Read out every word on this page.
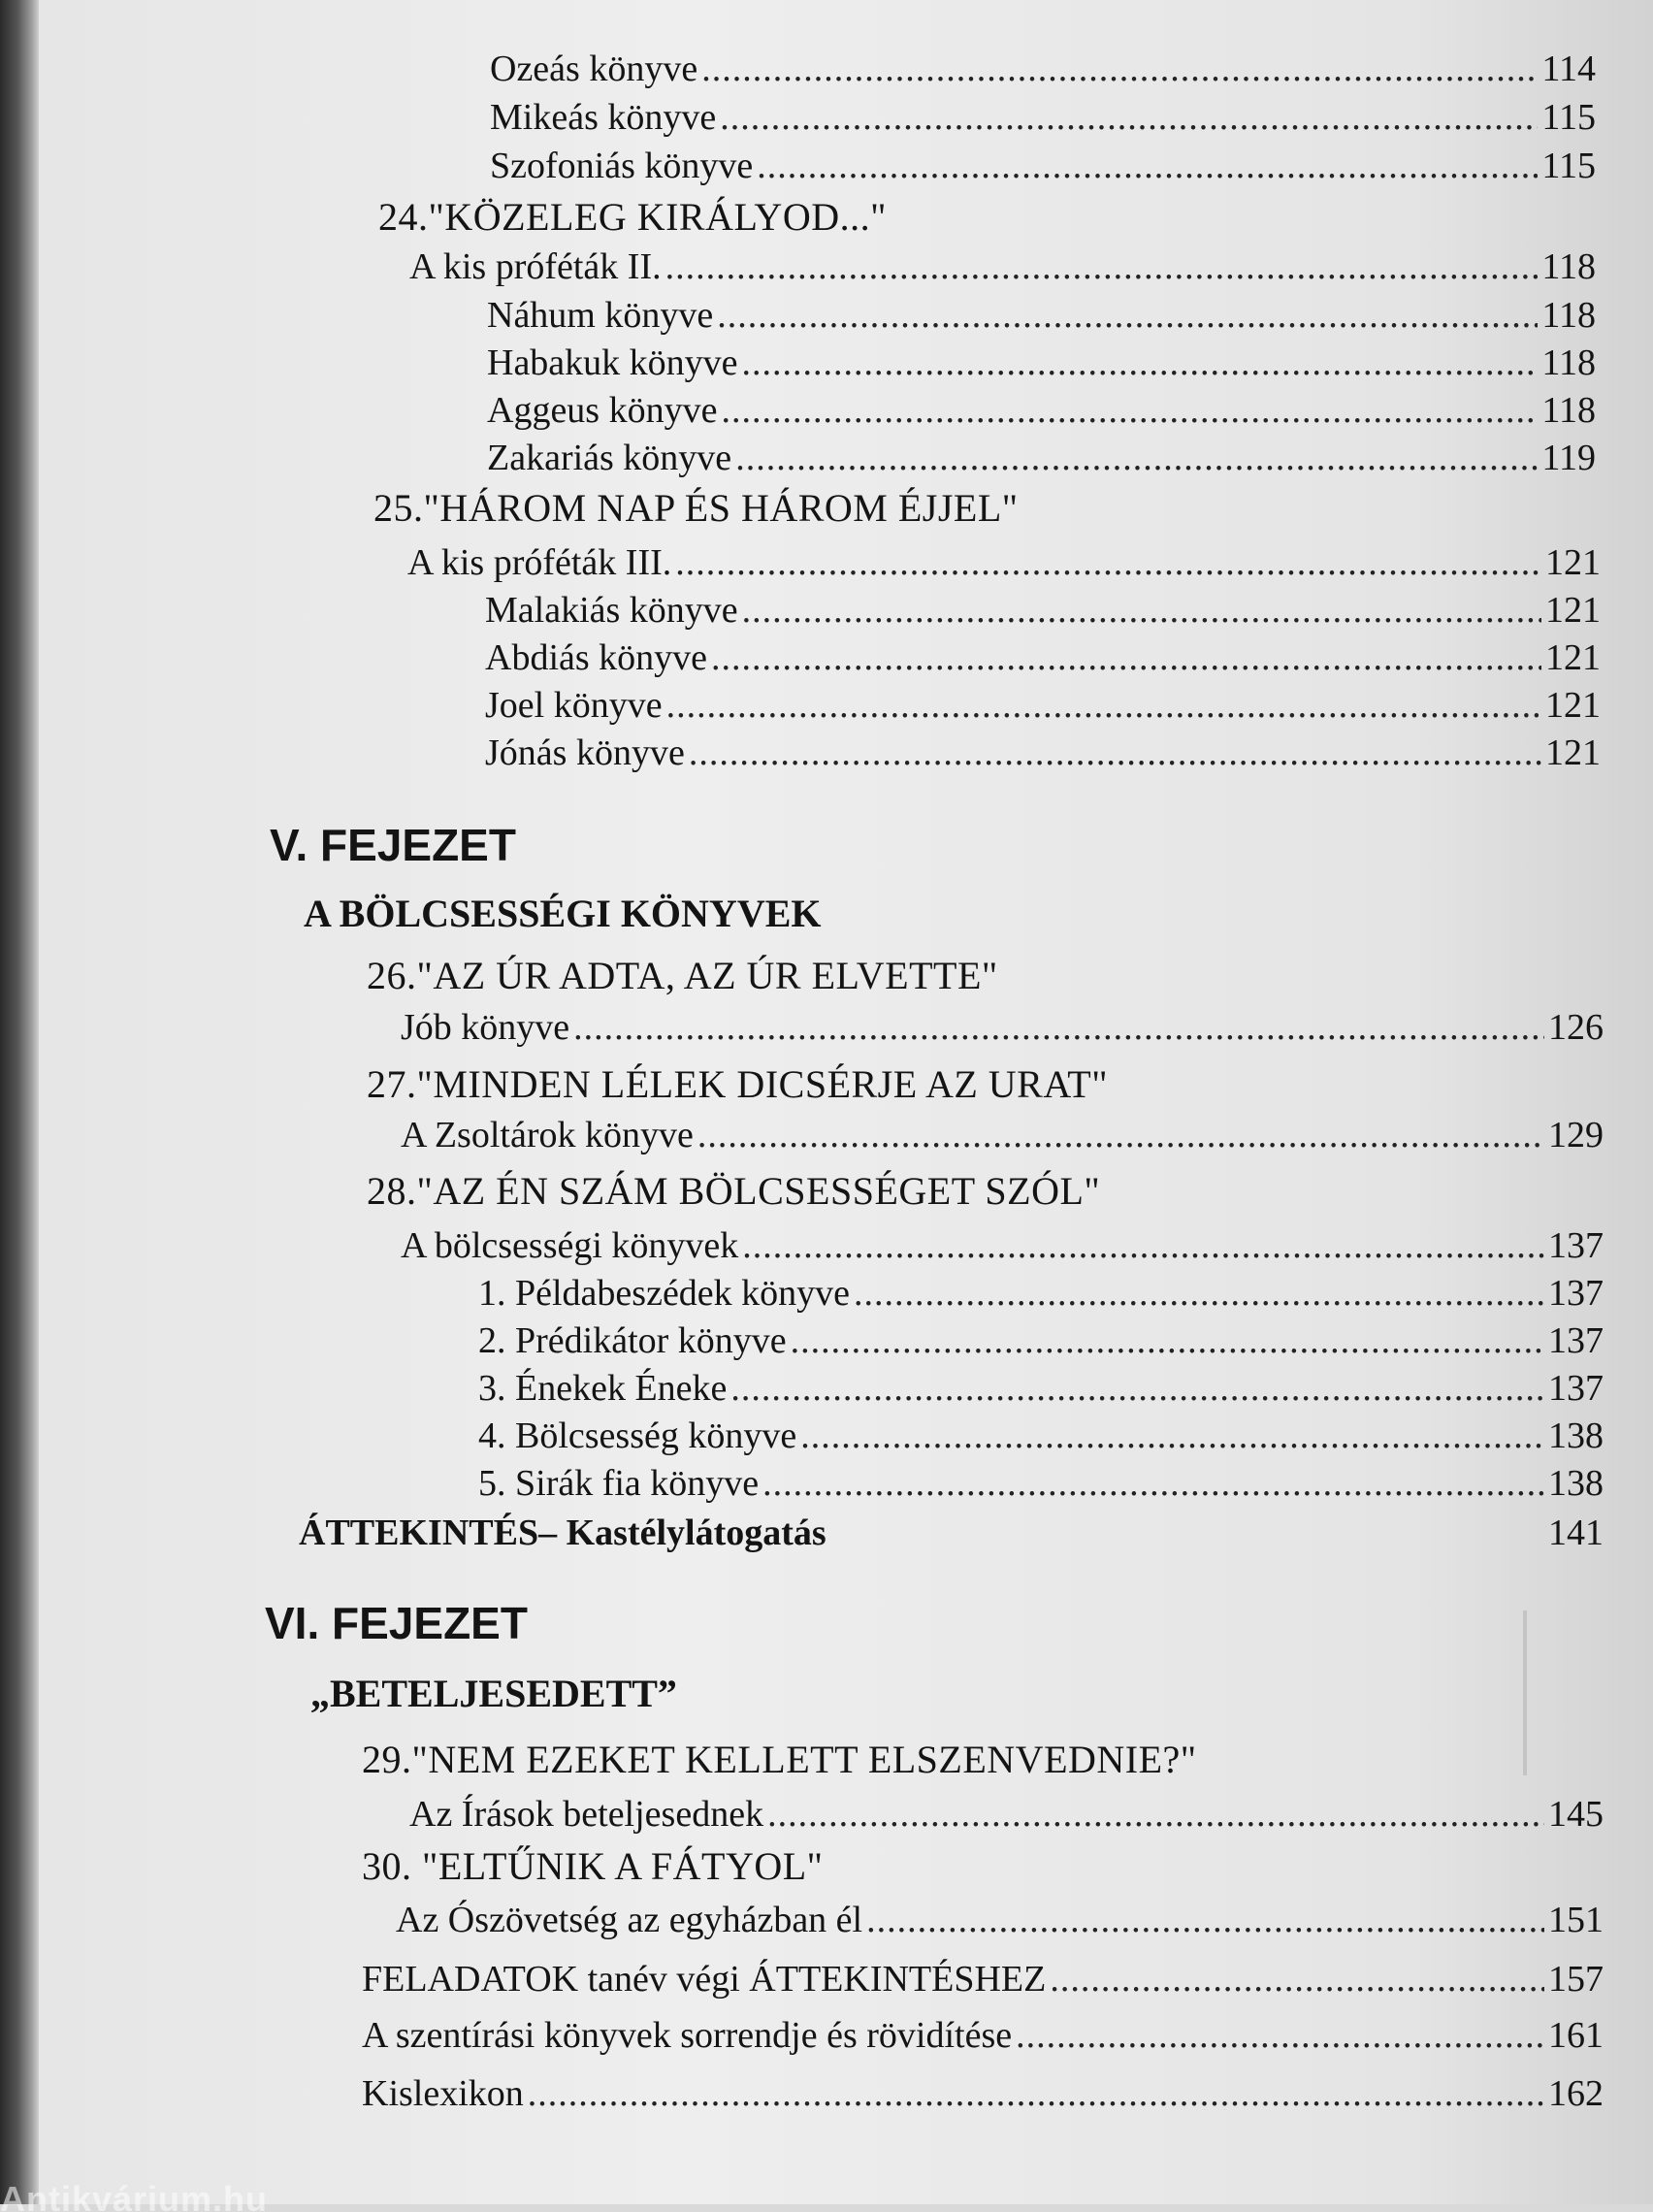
Ozeás könyve .....	114
Mikeás könyve .....	115
Szofoniás könyve .....	115
24."KÖZELEG KIRÁLYOD..."
A kis próféták II. .....	118
Náhum könyve .....	118
Habakuk könyve .....	118
Aggeus könyve .....	118
Zakariás könyve .....	119
25."HÁROM NAP ÉS HÁROM ÉJJEL"
A kis próféták III. .....	121
Malakiás könyve .....	121
Abdiás könyve .....	121
Joel könyve .....	121
Jónás könyve .....	121
V. FEJEZET
A BÖLCSESSÉGI KÖNYVEK
26."AZ ÚR ADTA, AZ ÚR ELVETTE"
Jób könyve .....	126
27."MINDEN LÉLEK DICSÉRJE AZ URAT"
A Zsoltárok könyve .....	129
28."AZ ÉN SZÁM BÖLCSESSÉGET SZÓL"
A bölcsességi könyvek .....	137
1. Példabeszédek könyve .....	137
2. Prédikátor könyve .....	137
3. Énekek Éneke .....	137
4. Bölcsesség könyve .....	138
5. Sirák fia könyve .....	138
ÁTTEKINTÉS – Kastélylátogatás	141
VI. FEJEZET
„BETELJESEDETT”
29."NEM EZEKET KELLETT ELSZENVEDNIE?"
Az Írások beteljesednek .....	145
30. "ELTŰNIK A FÁTYOL"
Az Ószövetség az egyházban él .....	151
FELADATOK tanév végi ÁTTEKINTÉSHEZ .....	157
A szentírási könyvek sorrendje és rövidítése .....	161
Kislexikon .....	162
Antikvárium.hu
